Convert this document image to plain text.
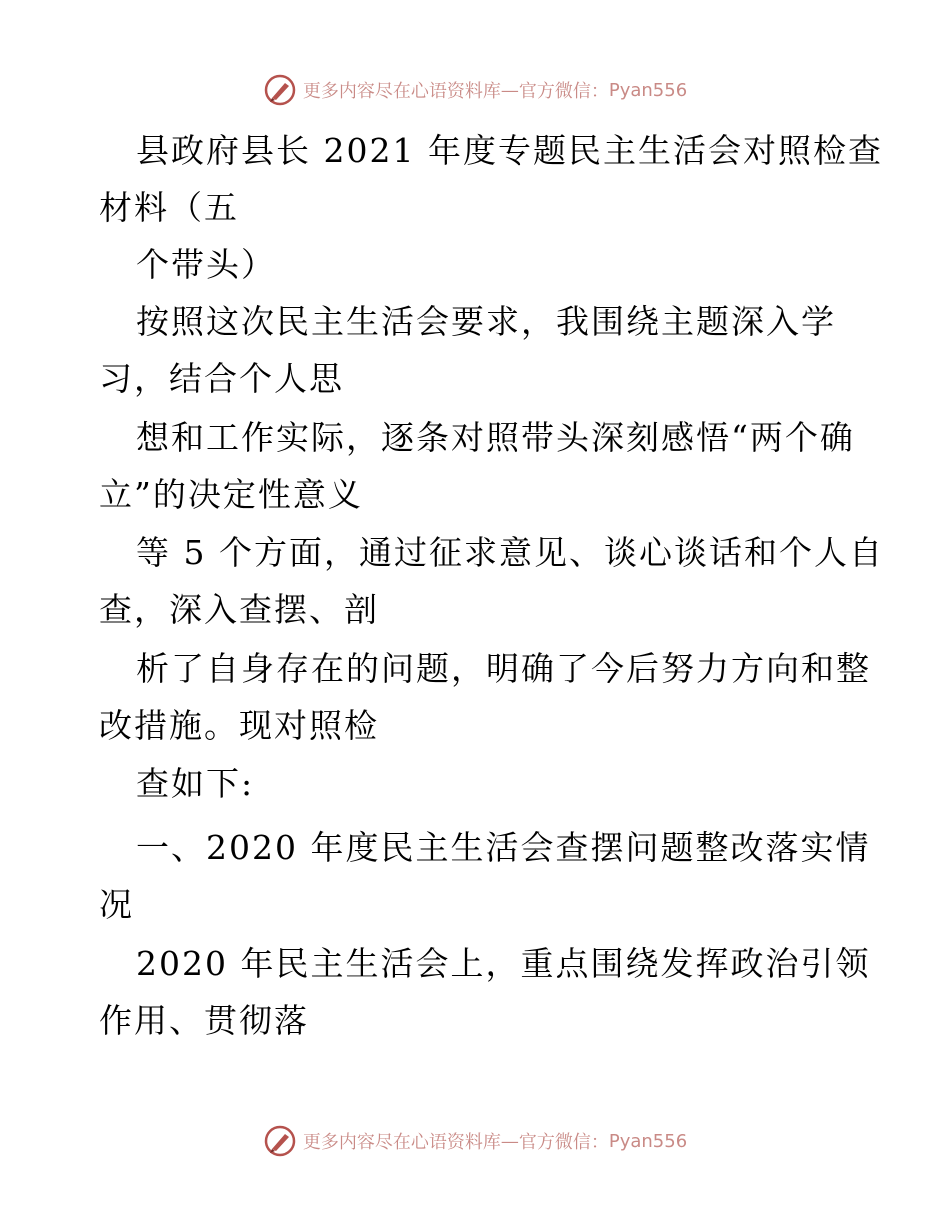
更多内容尽在心语资料库 — 官方微信： Pyan556
县政府县长 2021 年度专题民主生活会对照检查
材料（五
个带头）
按照这次民主生活会要求，我围绕主题深入学
习，结合个人思
想和工作实际，逐条对照带头深刻感悟“两个确
立”的决定性意义
等 5 个方面，通过征求意见、谈心谈话和个人自
查，深入查摆、剖
析了自身存在的问题，明确了今后努力方向和整
改措施。现对照检
查如下:
一、2020 年度民主生活会查摆问题整改落实情
况
2020 年民主生活会上，重点围绕发挥政治引领
作用、贯彻落
更多内容尽在心语资料库 — 官方微信： Pyan556
